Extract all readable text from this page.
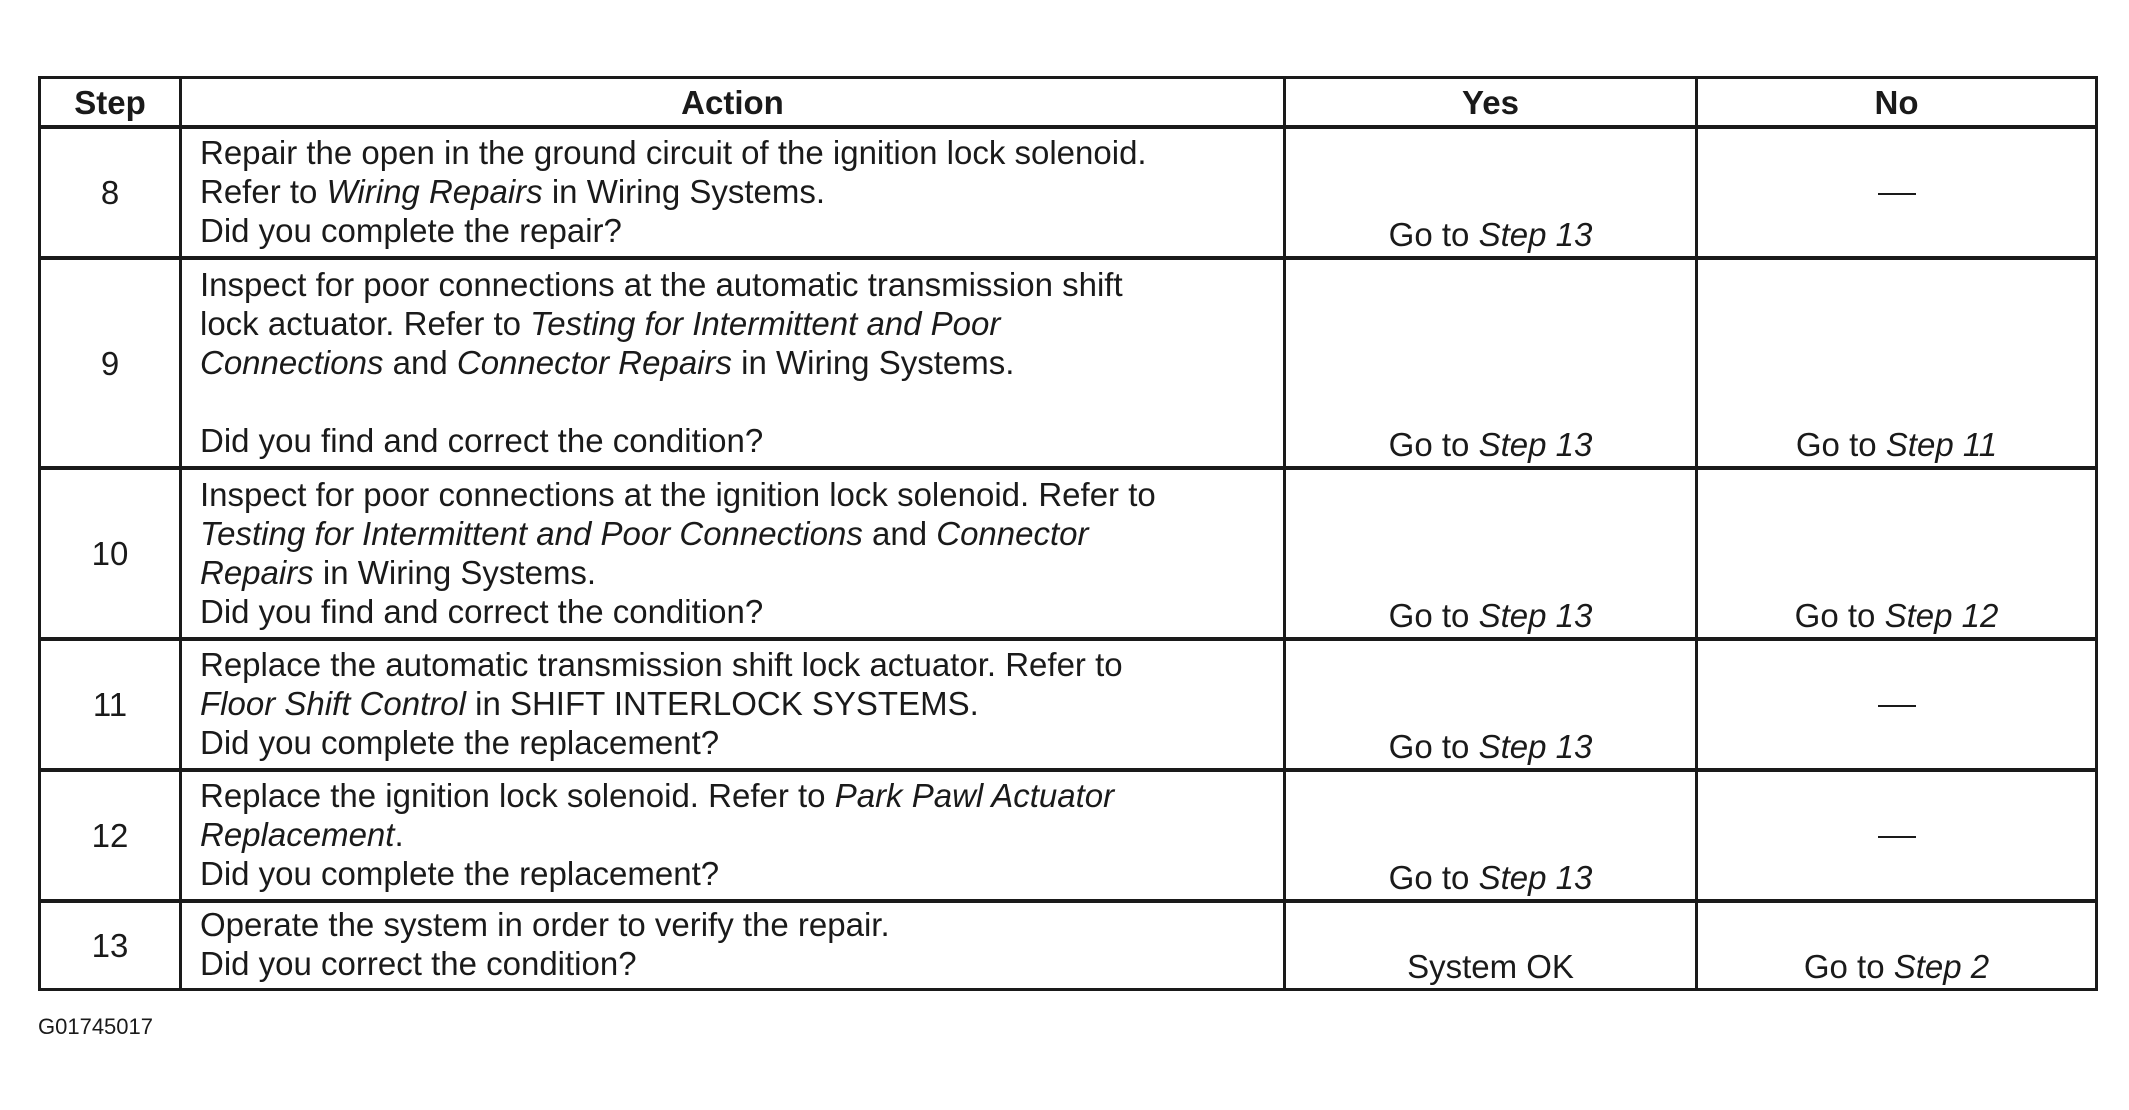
Step	Action	Yes	No
8	Repair the open in the ground circuit of the ignition lock solenoid.
Refer to Wiring Repairs in Wiring Systems.
Did you complete the repair?	Go to Step 13	
9	Inspect for poor connections at the automatic transmission shift
lock actuator. Refer to Testing for Intermittent and Poor
Connections and Connector Repairs in Wiring Systems.
Did you find and correct the condition?	Go to Step 13	Go to Step 11
10	Inspect for poor connections at the ignition lock solenoid. Refer to
Testing for Intermittent and Poor Connections and Connector
Repairs in Wiring Systems.
Did you find and correct the condition?	Go to Step 13	Go to Step 12
11	Replace the automatic transmission shift lock actuator. Refer to
Floor Shift Control in SHIFT INTERLOCK SYSTEMS.
Did you complete the replacement?	Go to Step 13	
12	Replace the ignition lock solenoid. Refer to Park Pawl Actuator
Replacement.
Did you complete the replacement?	Go to Step 13	
13	Operate the system in order to verify the repair.
Did you correct the condition?	System OK	Go to Step 2
G01745017
